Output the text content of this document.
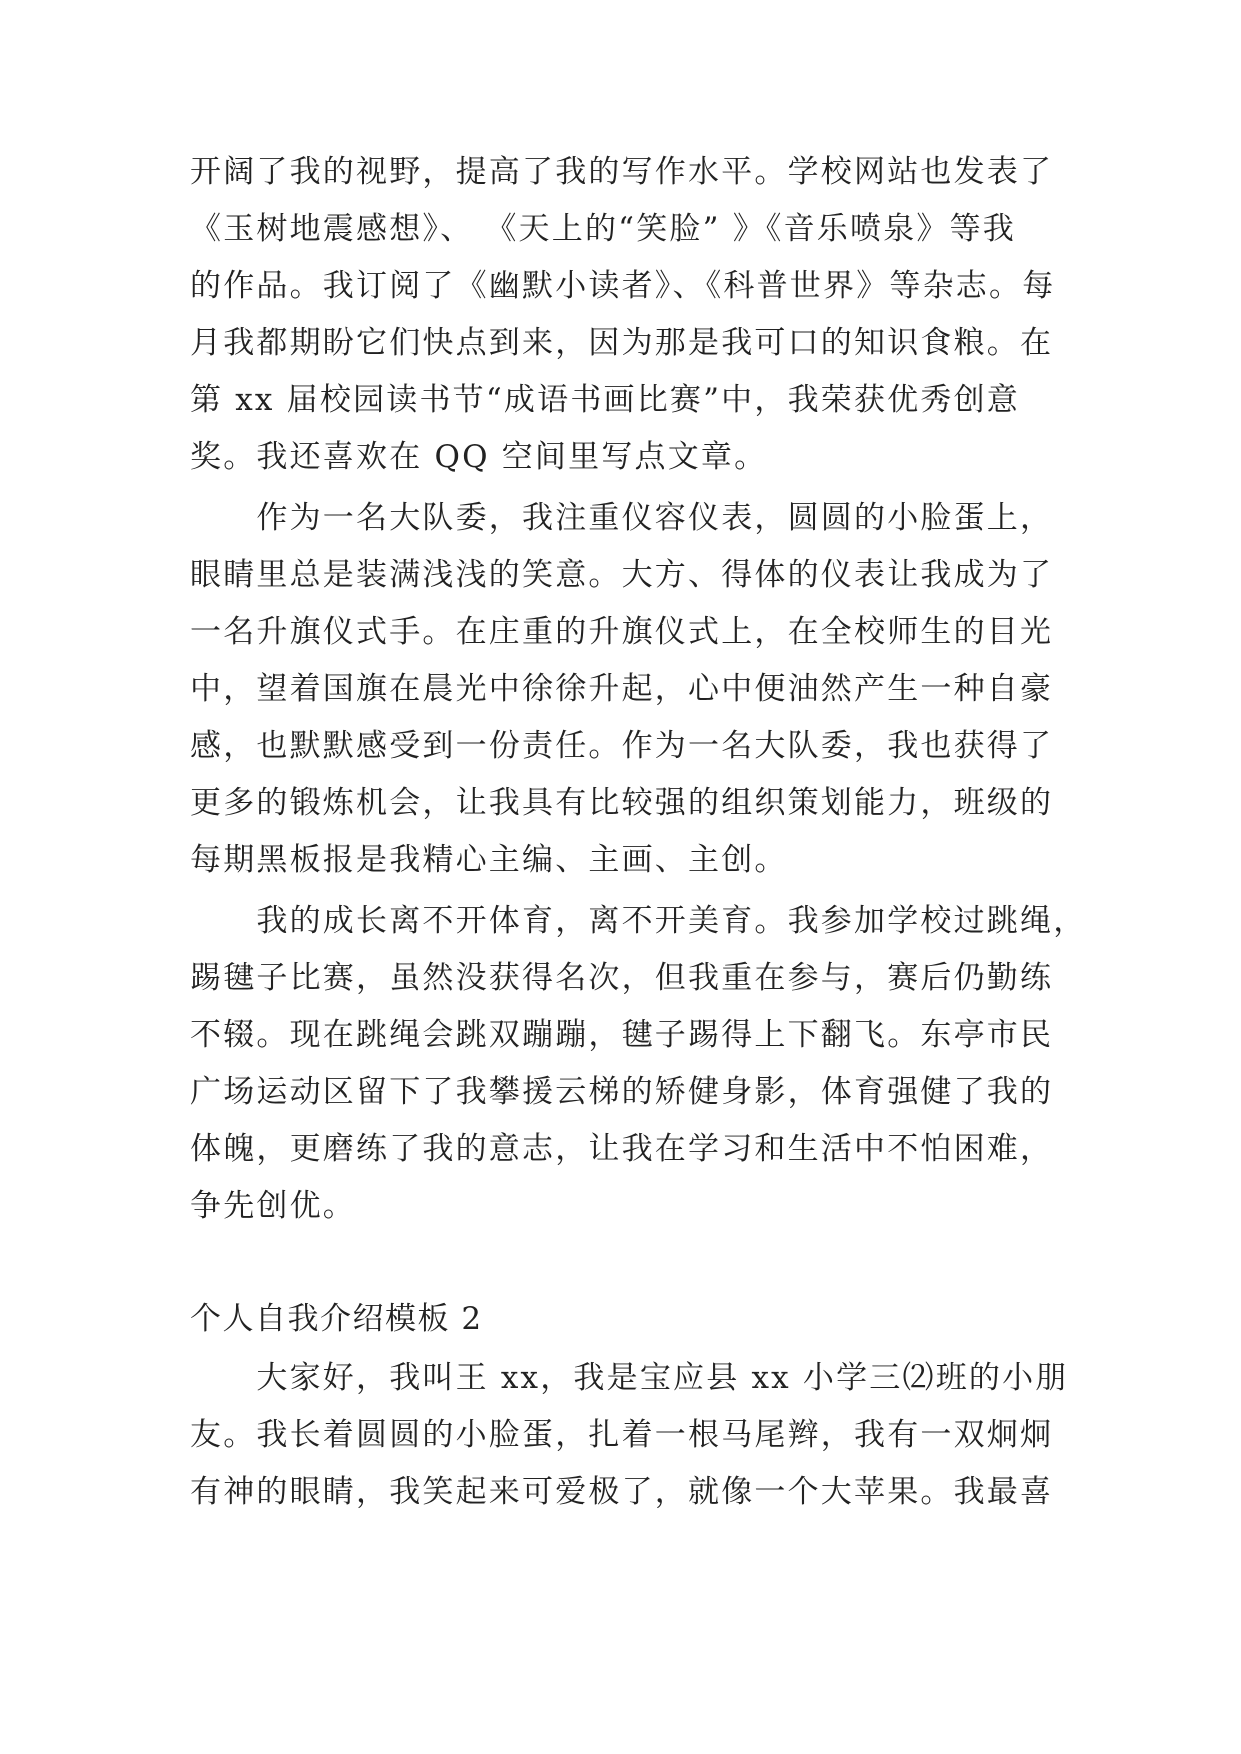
开阔了我的视野，提高了我的写作水平。学校网站也发表了
《玉树地震感想》、 《天上的“笑脸” 》《音乐喷泉》等我
的作品。我订阅了《幽默小读者》、《科普世界》等杂志。每
月我都期盼它们快点到来，因为那是我可口的知识食粮。在
第 xx 届校园读书节“成语书画比赛”中，我荣获优秀创意
奖。我还喜欢在 QQ 空间里写点文章。
　　作为一名大队委，我注重仪容仪表，圆圆的小脸蛋上，
眼睛里总是装满浅浅的笑意。大方、得体的仪表让我成为了
一名升旗仪式手。在庄重的升旗仪式上，在全校师生的目光
中，望着国旗在晨光中徐徐升起，心中便油然产生一种自豪
感，也默默感受到一份责任。作为一名大队委，我也获得了
更多的锻炼机会，让我具有比较强的组织策划能力，班级的
每期黑板报是我精心主编、主画、主创。
　　我的成长离不开体育，离不开美育。我参加学校过跳绳，
踢毽子比赛，虽然没获得名次，但我重在参与，赛后仍勤练
不辍。现在跳绳会跳双蹦蹦，毽子踢得上下翻飞。东亭市民
广场运动区留下了我攀援云梯的矫健身影，体育强健了我的
体魄，更磨练了我的意志，让我在学习和生活中不怕困难，
争先创优。
个人自我介绍模板 2
　　大家好，我叫王 xx，我是宝应县 xx 小学三⑵班的小朋
友。我长着圆圆的小脸蛋，扎着一根马尾辫，我有一双炯炯
有神的眼睛，我笑起来可爱极了，就像一个大苹果。我最喜
